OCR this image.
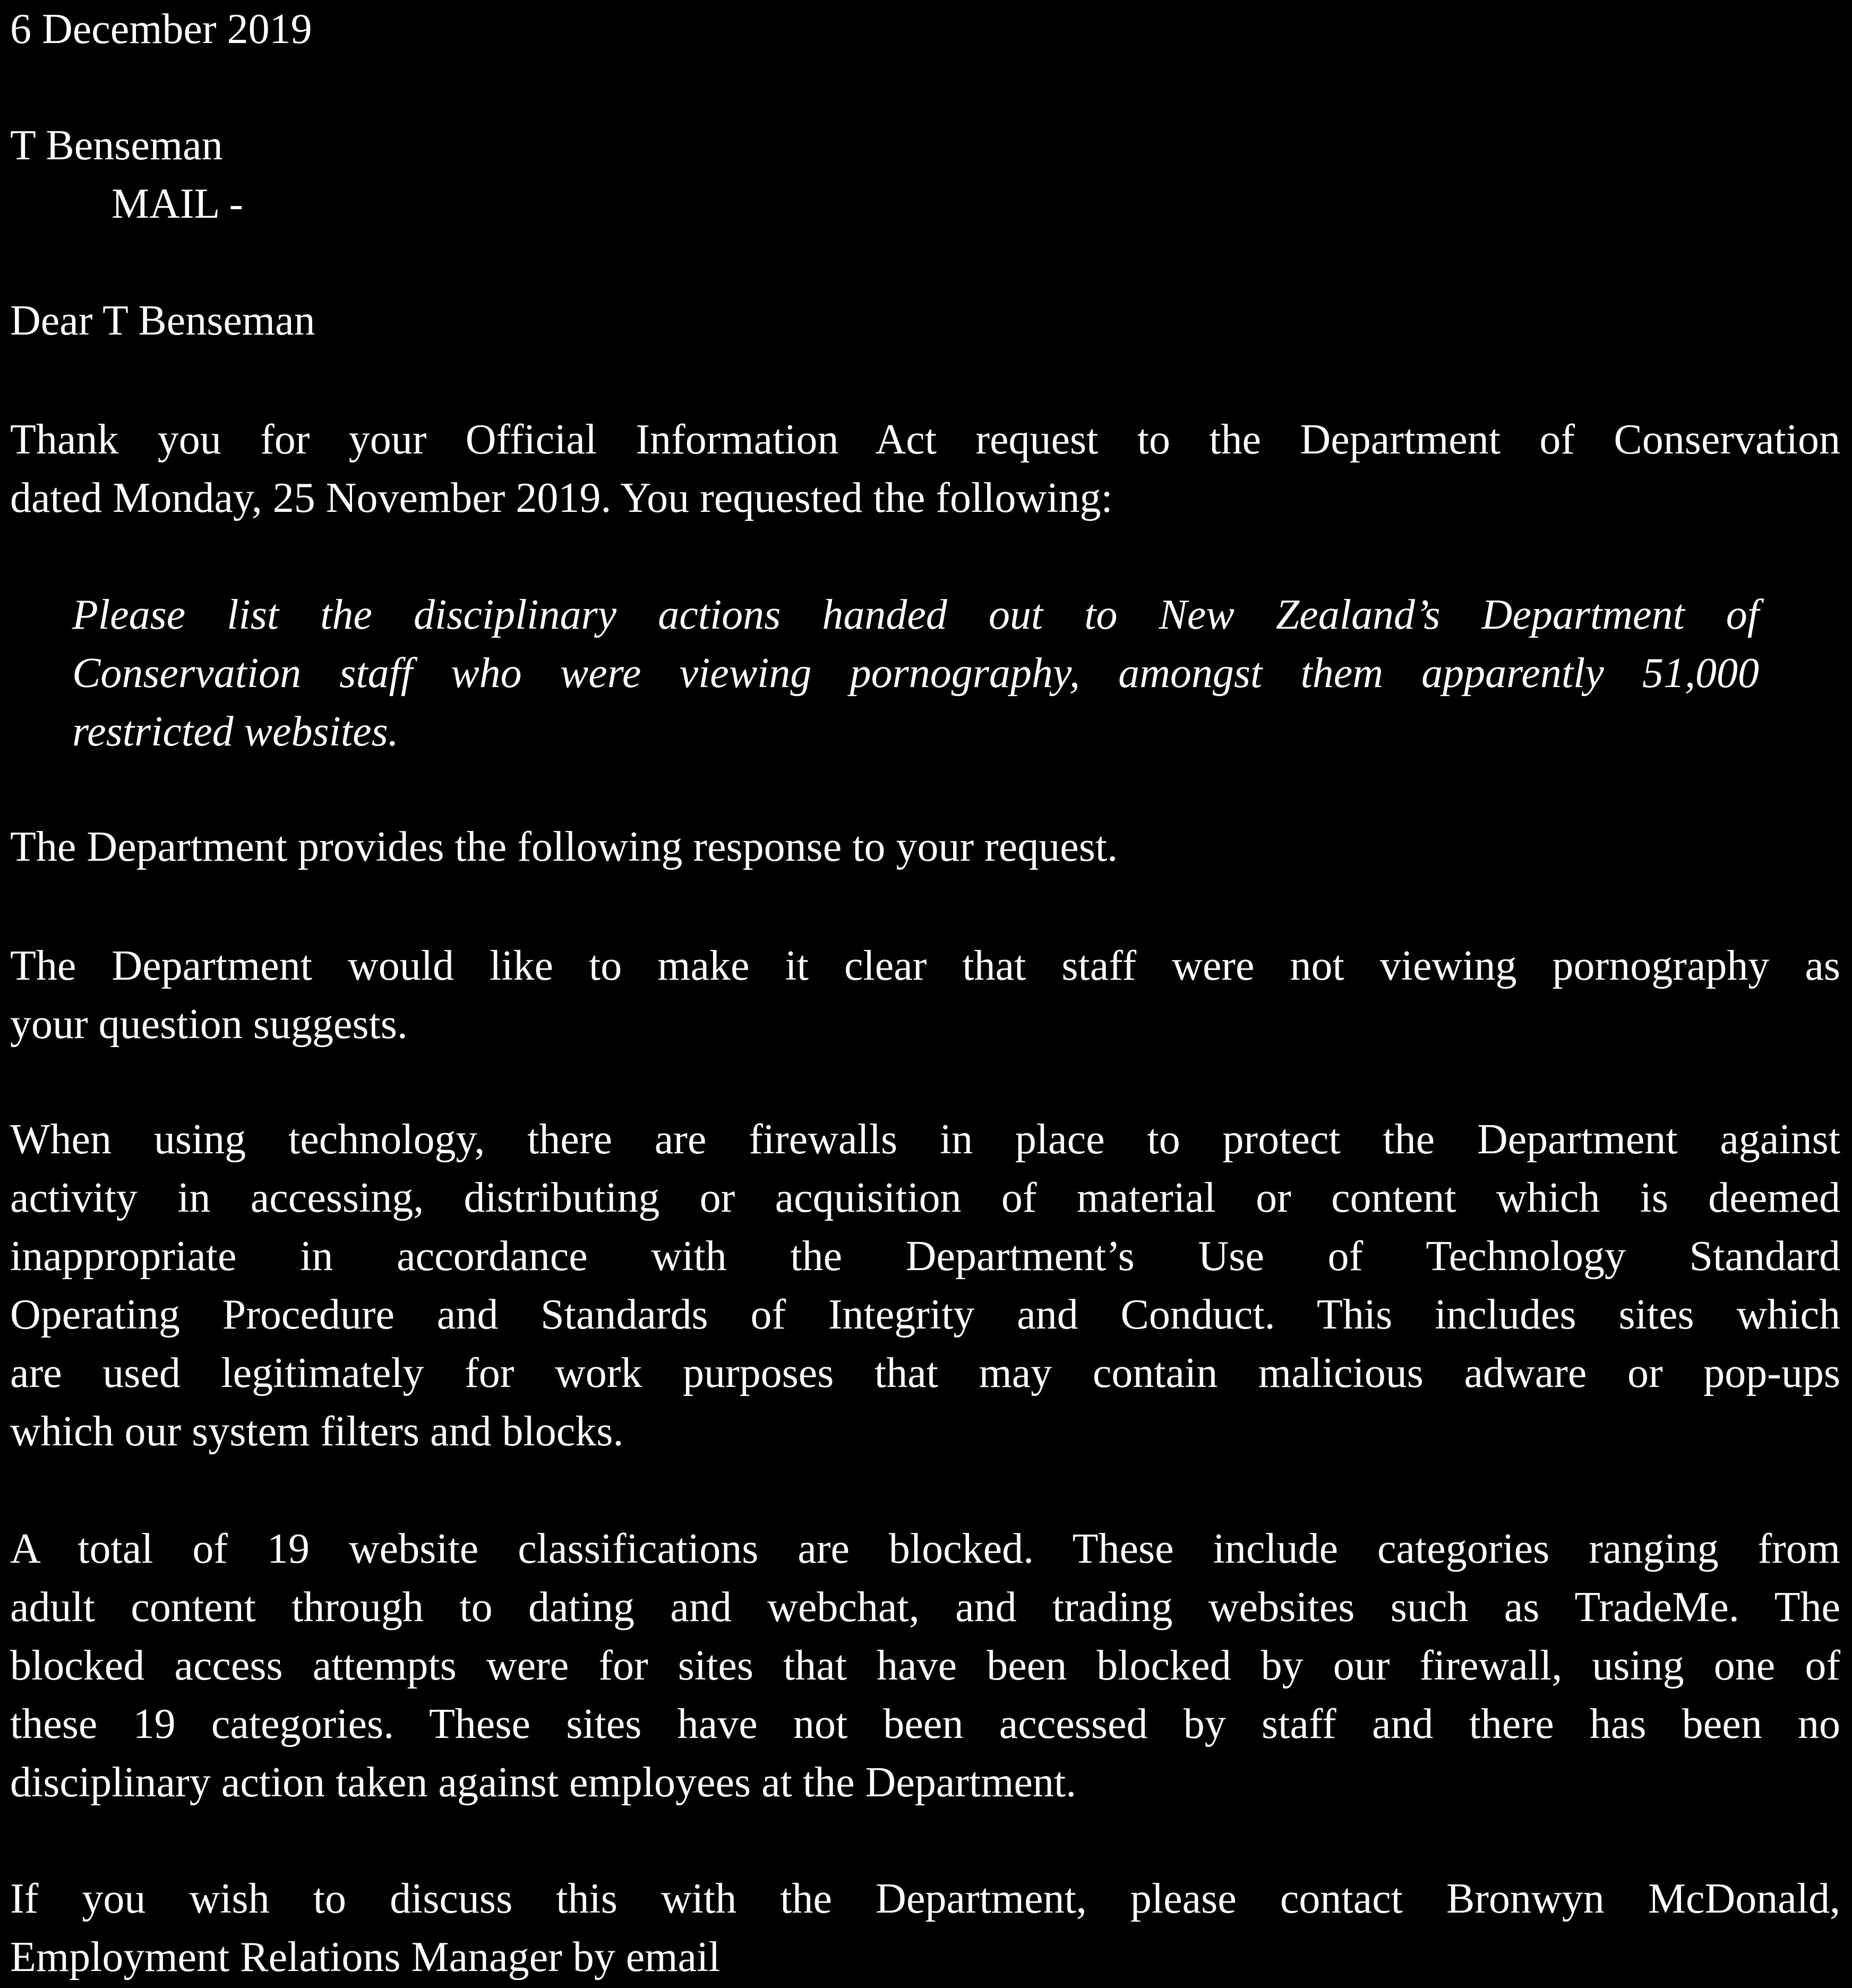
6 December 2019
T Benseman
MAIL -
Dear T Benseman
Thank you for your Official Information Act request to the Department of Conservation
dated Monday, 25 November 2019. You requested the following:
Please list the disciplinary actions handed out to New Zealand’s Department of
Conservation staff who were viewing pornography, amongst them apparently 51,000
restricted websites.
The Department provides the following response to your request.
The Department would like to make it clear that staff were not viewing pornography as
your question suggests.
When using technology, there are firewalls in place to protect the Department against
activity in accessing, distributing or acquisition of material or content which is deemed
inappropriate in accordance with the Department’s Use of Technology Standard
Operating Procedure and Standards of Integrity and Conduct. This includes sites which
are used legitimately for work purposes that may contain malicious adware or pop-ups
which our system filters and blocks.
A total of 19 website classifications are blocked. These include categories ranging from
adult content through to dating and webchat, and trading websites such as TradeMe. The
blocked access attempts were for sites that have been blocked by our firewall, using one of
these 19 categories. These sites have not been accessed by staff and there has been no
disciplinary action taken against employees at the Department.
If you wish to discuss this with the Department, please contact Bronwyn McDonald,
Employment Relations Manager by email
